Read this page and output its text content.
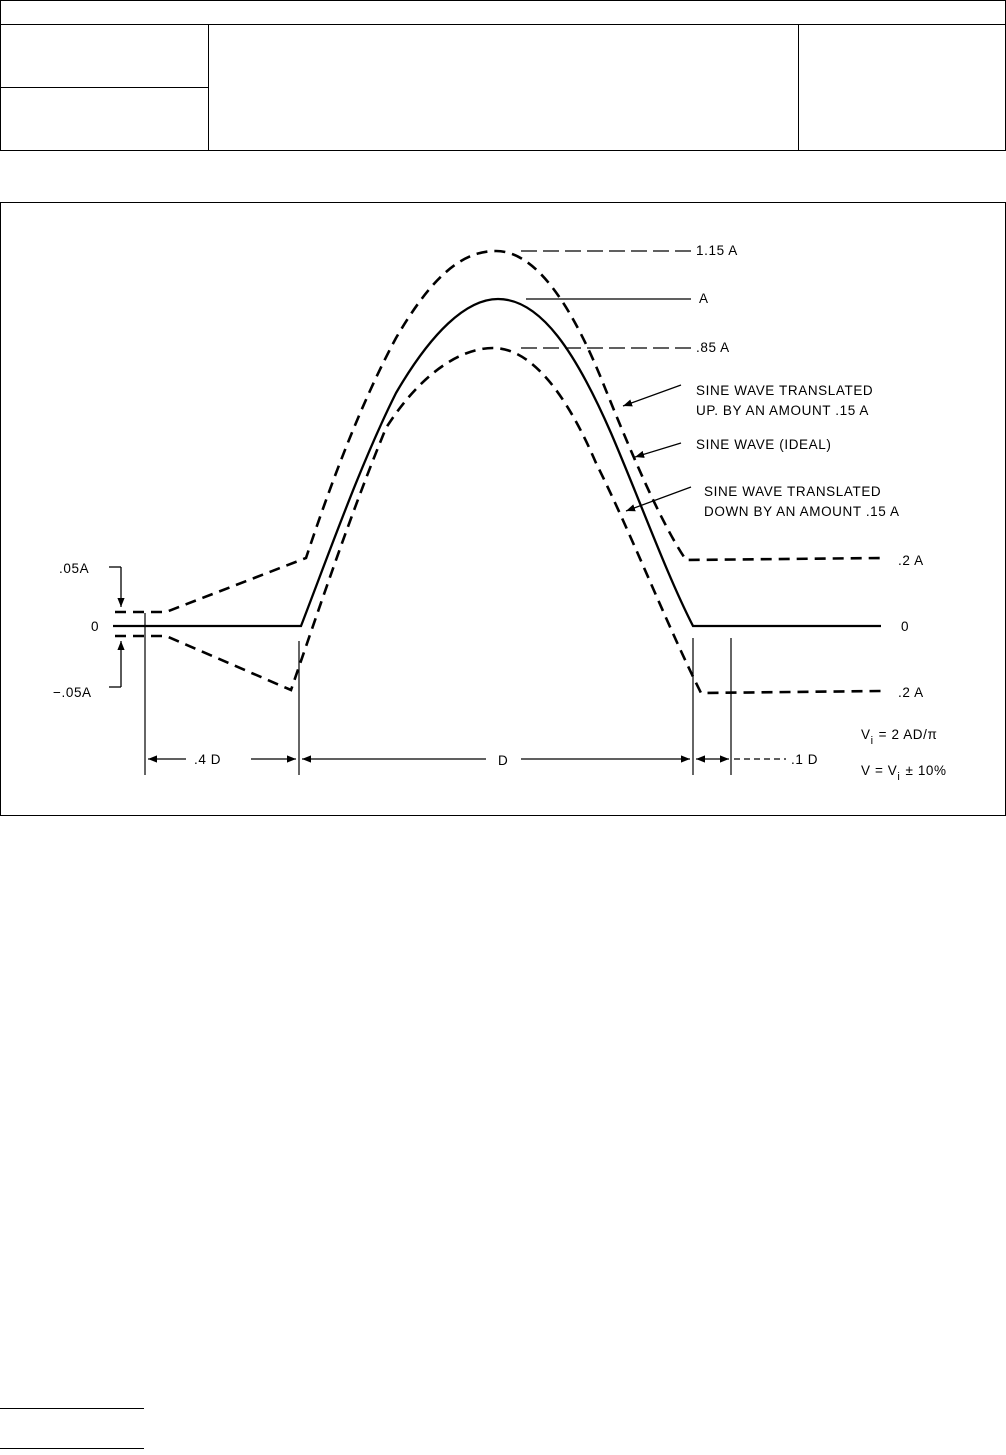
1.15 A
A
.85 A
SINE WAVE TRANSLATED
UP. BY AN AMOUNT .15 A
SINE WAVE (IDEAL)
SINE WAVE TRANSLATED
DOWN BY AN AMOUNT .15 A
.2 A
0
.2 A
.05A
0
−.05A
.4 D	D	.1 D
$V_i = 2$ AD/π
$V = V_i \pm 10\%$
